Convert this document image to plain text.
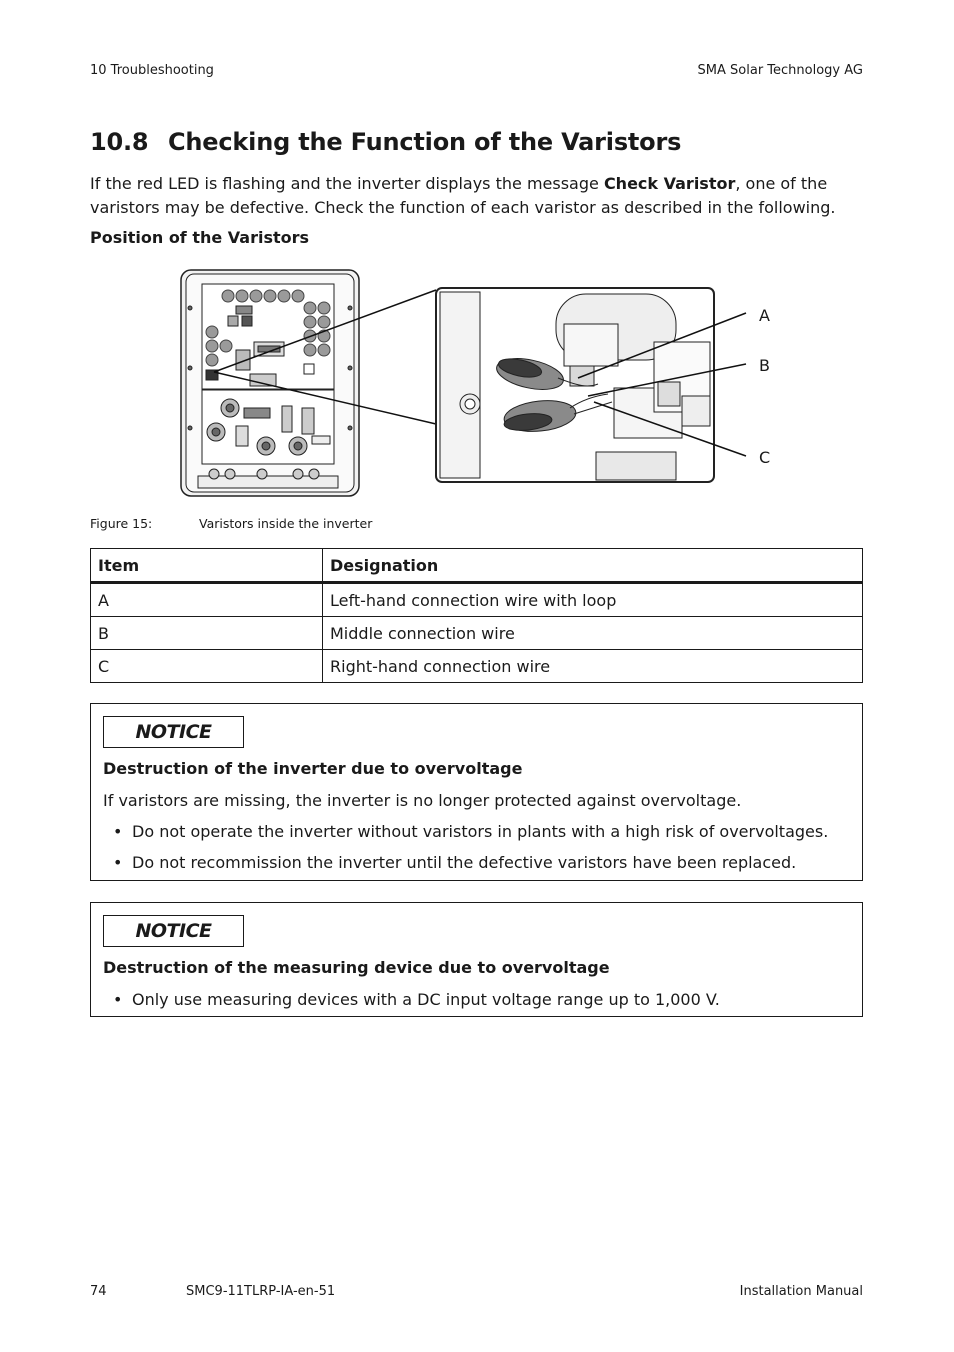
10 Troubleshooting	SMA Solar Technology AG
10.8 Checking the Function of the Varistors
If the red LED is flashing and the inverter displays the message Check Varistor, one of the varistors may be defective. Check the function of each varistor as described in the following.
Position of the Varistors
A
B
C
Figure 15:	Varistors inside the inverter
Item	Designation
A	Left-hand connection wire with loop
B	Middle connection wire
C	Right-hand connection wire
NOTICE
Destruction of the inverter due to overvoltage
If varistors are missing, the inverter is no longer protected against overvoltage.
• Do not operate the inverter without varistors in plants with a high risk of overvoltages.
• Do not recommission the inverter until the defective varistors have been replaced.
NOTICE
Destruction of the measuring device due to overvoltage
• Only use measuring devices with a DC input voltage range up to 1,000 V.
74	SMC9-11TLRP-IA-en-51	Installation Manual
